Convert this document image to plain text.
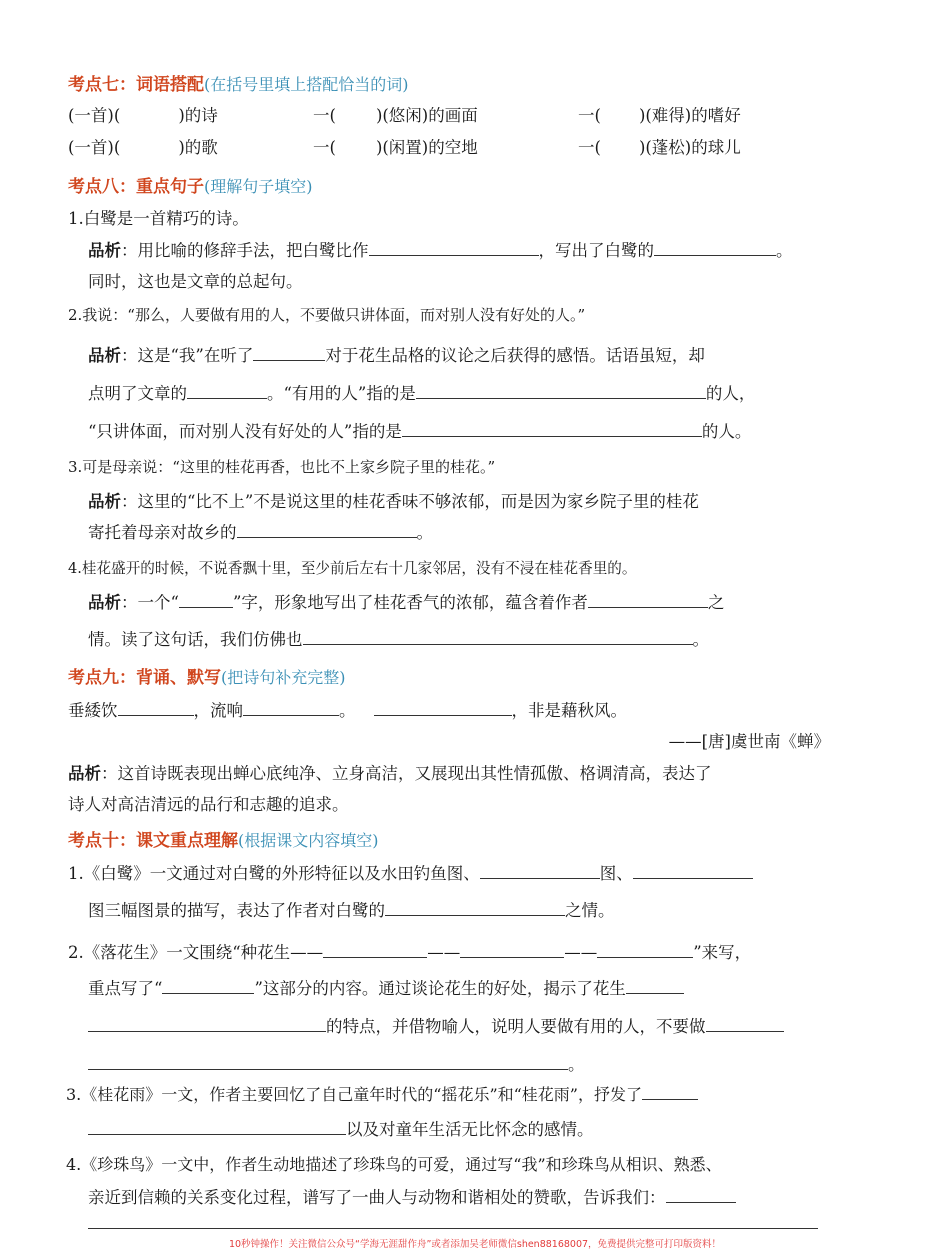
考点七：词语搭配(在括号里填上搭配恰当的词)
(一首)(	)的诗	一( )(悠闲)的画面	一( )(难得)的嗜好
(一首)(	)的歌	一( )(闲置)的空地	一( )(蓬松)的球儿
考点八：重点句子(理解句子填空)
1.白鹭是一首精巧的诗。
品析：用比喻的修辞手法，把白鹭比作	，写出了白鹭的	。
同时，这也是文章的总起句。
2.我说：“那么，人要做有用的人，不要做只讲体面，而对别人没有好处的人。”
品析：这是“我”在听了	对于花生品格的议论之后获得的感悟。话语虽短，却
点明了文章的	。“有用的人”指的是	的人，
“只讲体面，而对别人没有好处的人”指的是	的人。
3.可是母亲说：“这里的桂花再香，也比不上家乡院子里的桂花。”
品析：这里的“比不上”不是说这里的桂花香味不够浓郁，而是因为家乡院子里的桂花
寄托着母亲对故乡的	。
4.桂花盛开的时候，不说香飘十里，至少前后左右十几家邻居，没有不浸在桂花香里的。
品析：一个“	”字，形象地写出了桂花香气的浓郁，蕴含着作者	之
情。读了这句话，我们仿佛也	。
考点九：背诵、默写(把诗句补充完整)
垂緌饮	，流响	。	，非是藉秋风。
——[唐]虞世南《蝉》
品析：这首诗既表现出蝉心底纯净、立身高洁，又展现出其性情孤傲、格调清高，表达了
诗人对高洁清远的品行和志趣的追求。
考点十：课文重点理解(根据课文内容填空)
1.《白鹭》一文通过对白鹭的外形特征以及水田钓鱼图、	图、
图三幅图景的描写，表达了作者对白鹭的	之情。
2.《落花生》一文围绕“种花生——	——	——	”来写，
重点写了“	”这部分的内容。通过谈论花生的好处，揭示了花生
的特点，并借物喻人，说明人要做有用的人，不要做
。
3.《桂花雨》一文，作者主要回忆了自己童年时代的“摇花乐”和“桂花雨”，抒发了
以及对童年生活无比怀念的感情。
4.《珍珠鸟》一文中，作者生动地描述了珍珠鸟的可爱，通过写“我”和珍珠鸟从相识、熟悉、
亲近到信赖的关系变化过程，谱写了一曲人与动物和谐相处的赞歌，告诉我们：
10秒钟操作！关注微信公众号“学海无涯甜作舟”或者添加吴老师微信shen88168007，免费提供完整可打印版资料！
